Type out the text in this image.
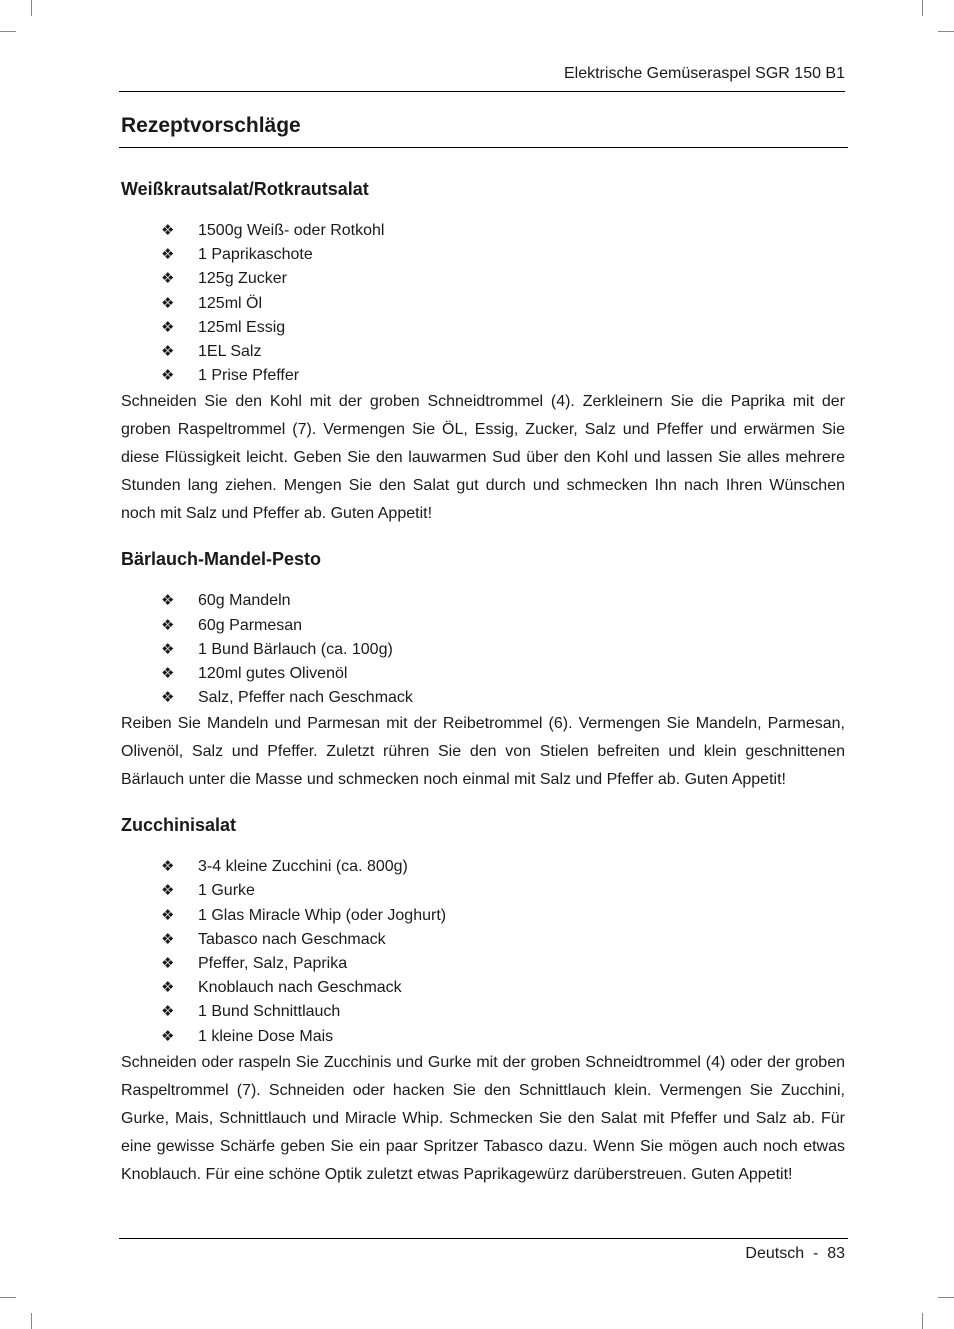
Elektrische Gemüseraspel SGR 150 B1
Rezeptvorschläge
Weißkrautsalat/Rotkrautsalat
❖ 1500g Weiß- oder Rotkohl
❖ 1 Paprikaschote
❖ 125g Zucker
❖ 125ml Öl
❖ 125ml Essig
❖ 1EL Salz
❖ 1 Prise Pfeffer

Schneiden Sie den Kohl mit der groben Schneidtrommel (4). Zerkleinern Sie die Paprika mit der groben Raspeltrommel (7). Vermengen Sie ÖL, Essig, Zucker, Salz und Pfeffer und erwärmen Sie diese Flüssigkeit leicht. Geben Sie den lauwarmen Sud über den Kohl und lassen Sie alles mehrere Stunden lang ziehen. Mengen Sie den Salat gut durch und schmecken Ihn nach Ihren Wünschen noch mit Salz und Pfeffer ab. Guten Appetit!

Bärlauch-Mandel-Pesto
❖ 60g Mandeln
❖ 60g Parmesan
❖ 1 Bund Bärlauch (ca. 100g)
❖ 120ml gutes Olivenöl
❖ Salz, Pfeffer nach Geschmack

Reiben Sie Mandeln und Parmesan mit der Reibetrommel (6). Vermengen Sie Mandeln, Parmesan, Olivenöl, Salz und Pfeffer. Zuletzt rühren Sie den von Stielen befreiten und klein geschnittenen Bärlauch unter die Masse und schmecken noch einmal mit Salz und Pfeffer ab. Guten Appetit!

Zucchinisalat
❖ 3-4 kleine Zucchini (ca. 800g)
❖ 1 Gurke
❖ 1 Glas Miracle Whip (oder Joghurt)
❖ Tabasco nach Geschmack
❖ Pfeffer, Salz, Paprika
❖ Knoblauch nach Geschmack
❖ 1 Bund Schnittlauch
❖ 1 kleine Dose Mais

Schneiden oder raspeln Sie Zucchinis und Gurke mit der groben Schneidtrommel (4) oder der groben Raspeltrommel (7). Schneiden oder hacken Sie den Schnittlauch klein. Vermengen Sie Zucchini, Gurke, Mais, Schnittlauch und Miracle Whip. Schmecken Sie den Salat mit Pfeffer und Salz ab. Für eine gewisse Schärfe geben Sie ein paar Spritzer Tabasco dazu. Wenn Sie mögen auch noch etwas Knoblauch. Für eine schöne Optik zuletzt etwas Paprikagewürz darüberstreuen. Guten Appetit!

Deutsch - 83
